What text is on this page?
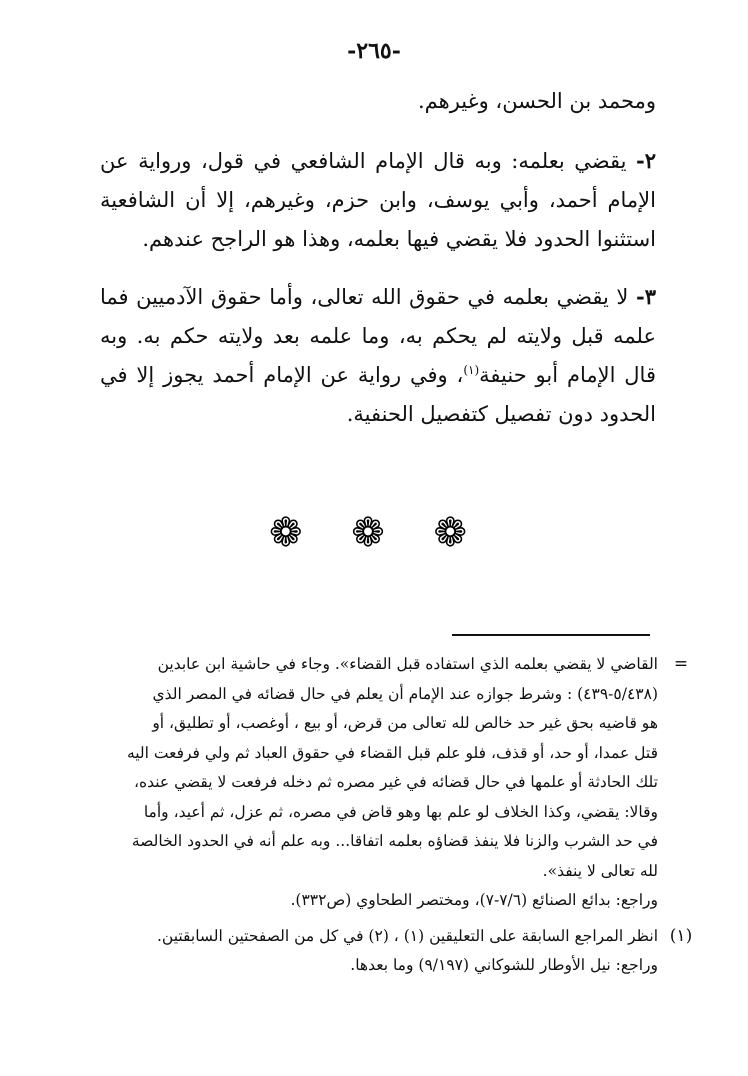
-٢٦٥-

ومحمد بن الحسن، وغيرهم.

٢- يقضي بعلمه: وبه قال الإمام الشافعي في قول، ورواية عن الإمام أحمد، وأبي يوسف، وابن حزم، وغيرهم، إلا أن الشافعية استثنوا الحدود فلا يقضي فيها بعلمه، وهذا هو الراجح عندهم.

٣- لا يقضي بعلمه في حقوق الله تعالى، وأما حقوق الآدميين فما علمه قبل ولايته لم يحكم به، وما علمه بعد ولايته حكم به. وبه قال الإمام أبو حنيفة$^{(١)}$، وفي رواية عن الإمام أحمد يجوز إلا في الحدود دون تفصيل كتفصيل الحنفية.

❁ ❁ ❁
=
القاضي لا يقضي بعلمه الذي استفاده قبل القضاء». وجاء في حاشية ابن عابدين
(٥/٤٣٨-٤٣٩) : وشرط جوازه عند الإمام أن يعلم في حال قضائه في المصر الذي
هو قاضيه بحق غير حد خالص لله تعالى من قرض، أو بيع ، أوغصب، أو تطليق، أو
قتل عمدا، أو حد، أو قذف، فلو علم قبل القضاء في حقوق العباد ثم ولي فرفعت اليه
تلك الحادثة أو علمها في حال قضائه في غير مصره ثم دخله فرفعت لا يقضي عنده،
وقالا: يقضي، وكذا الخلاف لو علم بها وهو قاض في مصره، ثم عزل، ثم أعيد، وأما
في حد الشرب والزنا فلا ينفذ قضاؤه بعلمه اتفاقا... وبه علم أنه في الحدود الخالصة
لله تعالى لا ينفذ».
وراجع: بدائع الصنائع (٧/٦-٧)، ومختصر الطحاوي (ص٣٣٢).
(١)
انظر المراجع السابقة على التعليقين (١) ، (٢) في كل من الصفحتين السابقتين.
وراجع: نيل الأوطار للشوكاني (٩/١٩٧) وما بعدها.
